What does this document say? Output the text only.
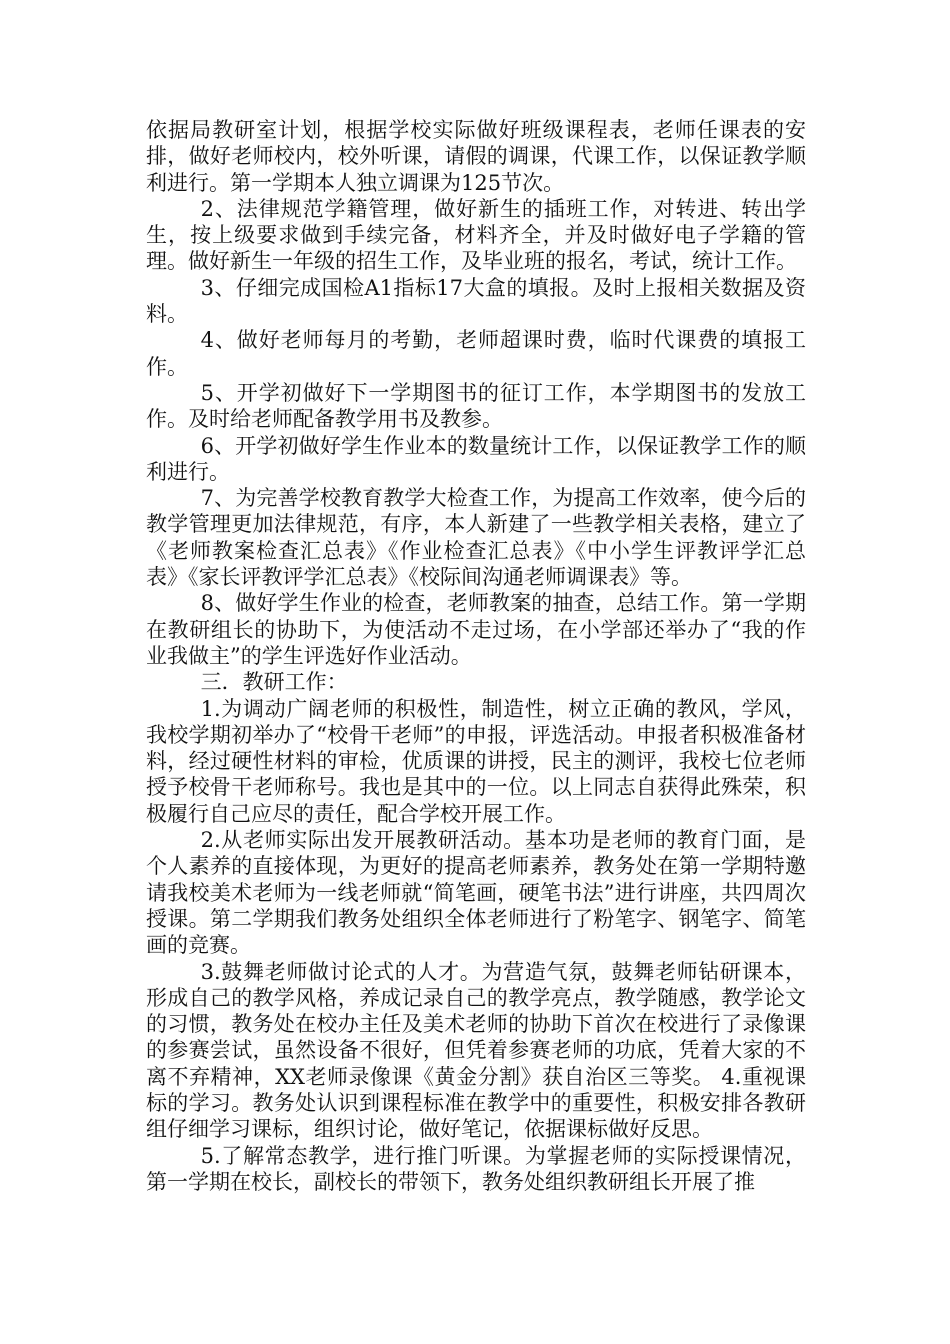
依据局教研室计划，根据学校实际做好班级课程表，老师任课表的安排，做好老师校内，校外听课，请假的调课，代课工作，以保证教学顺利进行。第一学期本人独立调课为125节次。

2、法律规范学籍管理，做好新生的插班工作，对转进、转出学生，按上级要求做到手续完备，材料齐全，并及时做好电子学籍的管理。做好新生一年级的招生工作，及毕业班的报名，考试，统计工作。

3、仔细完成国检A1指标17大盒的填报。及时上报相关数据及资料。

4、做好老师每月的考勤，老师超课时费，临时代课费的填报工作。

5、开学初做好下一学期图书的征订工作，本学期图书的发放工作。及时给老师配备教学用书及教参。

6、开学初做好学生作业本的数量统计工作，以保证教学工作的顺利进行。

7、为完善学校教育教学大检查工作，为提高工作效率，使今后的教学管理更加法律规范，有序，本人新建了一些教学相关表格，建立了《老师教案检查汇总表》《作业检查汇总表》《中小学生评教评学汇总表》《家长评教评学汇总表》《校际间沟通老师调课表》等。

8、做好学生作业的检查，老师教案的抽查，总结工作。第一学期在教研组长的协助下，为使活动不走过场，在小学部还举办了“我的作业我做主”的学生评选好作业活动。

三．教研工作：

1.为调动广阔老师的积极性，制造性，树立正确的教风，学风，我校学期初举办了“校骨干老师”的申报，评选活动。申报者积极准备材料，经过硬性材料的审检，优质课的讲授，民主的测评，我校七位老师授予校骨干老师称号。我也是其中的一位。以上同志自获得此殊荣，积极履行自己应尽的责任，配合学校开展工作。

2.从老师实际出发开展教研活动。基本功是老师的教育门面，是个人素养的直接体现，为更好的提高老师素养，教务处在第一学期特邀请我校美术老师为一线老师就“简笔画，硬笔书法”进行讲座，共四周次授课。第二学期我们教务处组织全体老师进行了粉笔字、钢笔字、简笔画的竞赛。

3.鼓舞老师做讨论式的人才。为营造气氛，鼓舞老师钻研课本，形成自己的教学风格，养成记录自己的教学亮点，教学随感，教学论文的习惯，教务处在校办主任及美术老师的协助下首次在校进行了录像课的参赛尝试，虽然设备不很好，但凭着参赛老师的功底，凭着大家的不离不弃精神，XX老师录像课《黄金分割》获自治区三等奖。 4.重视课标的学习。教务处认识到课程标准在教学中的重要性，积极安排各教研组仔细学习课标，组织讨论，做好笔记，依据课标做好反思。

5.了解常态教学，进行推门听课。为掌握老师的实际授课情况，第一学期在校长，副校长的带领下，教务处组织教研组长开展了推
